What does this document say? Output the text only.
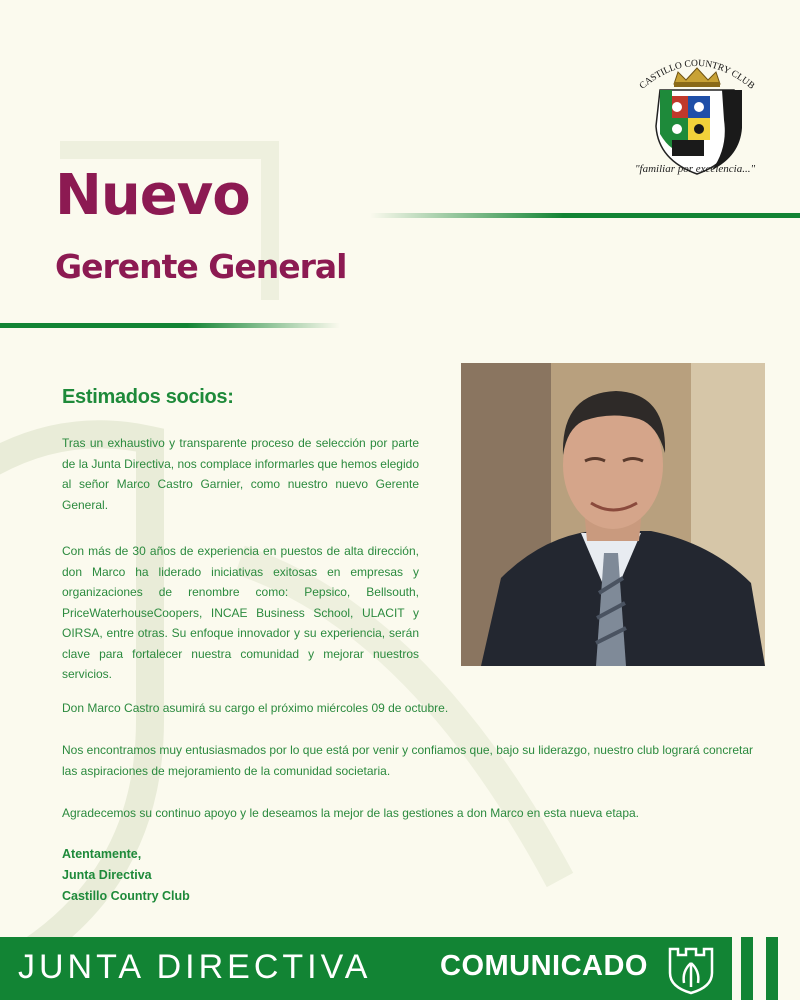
CASTILLO COUNTRY CLUB
"familiar por excelencia..."
Nuevo
Gerente General
Estimados socios:

Tras un exhaustivo y transparente proceso de selección por parte de la Junta Directiva, nos complace informarles que hemos elegido al señor Marco Castro Garnier, como nuestro nuevo Gerente General.

Con más de 30 años de experiencia en puestos de alta dirección, don Marco ha liderado iniciativas exitosas en empresas y organizaciones de renombre como: Pepsico, Bellsouth, PriceWaterhouseCoopers, INCAE Business School, ULACIT y OIRSA, entre otras. Su enfoque innovador y su experiencia, serán clave para fortalecer nuestra comunidad y mejorar nuestros servicios.

Don Marco Castro asumirá su cargo el próximo miércoles 09 de octubre.

Nos encontramos muy entusiasmados por lo que está por venir y confiamos que, bajo su liderazgo, nuestro club logrará concretar las aspiraciones de mejoramiento de la comunidad societaria.

Agradecemos su continuo apoyo y le deseamos la mejor de las gestiones a don Marco en esta nueva etapa.

Atentamente,

Junta Directiva

Castillo Country Club

JUNTA DIRECTIVA COMUNICADO
